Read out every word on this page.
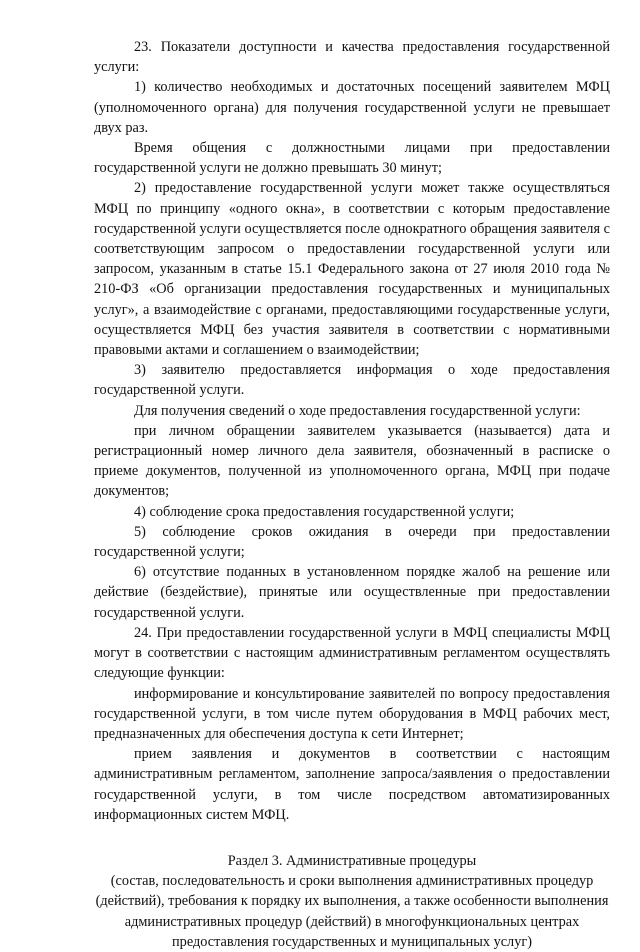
23. Показатели доступности и качества предоставления государственной услуги:

1) количество необходимых и достаточных посещений заявителем МФЦ (уполномоченного органа) для получения государственной услуги не превышает двух раз.

Время общения с должностными лицами при предоставлении государственной услуги не должно превышать 30 минут;

2) предоставление государственной услуги может также осуществляться МФЦ по принципу «одного окна», в соответствии с которым предоставление государственной услуги осуществляется после однократного обращения заявителя с соответствующим запросом о предоставлении государственной услуги или запросом, указанным в статье 15.1 Федерального закона от 27 июля 2010 года № 210-ФЗ «Об организации предоставления государственных и муниципальных услуг», а взаимодействие с органами, предоставляющими государственные услуги, осуществляется МФЦ без участия заявителя в соответствии с нормативными правовыми актами и соглашением о взаимодействии;

3) заявителю предоставляется информация о ходе предоставления государственной услуги.

Для получения сведений о ходе предоставления государственной услуги:

при личном обращении заявителем указывается (называется) дата и регистрационный номер личного дела заявителя, обозначенный в расписке о приеме документов, полученной из уполномоченного органа, МФЦ при подаче документов;

4) соблюдение срока предоставления государственной услуги;

5) соблюдение сроков ожидания в очереди при предоставлении государственной услуги;

6) отсутствие поданных в установленном порядке жалоб на решение или действие (бездействие), принятые или осуществленные при предоставлении государственной услуги.

24. При предоставлении государственной услуги в МФЦ специалисты МФЦ могут в соответствии с настоящим административным регламентом осуществлять следующие функции:

информирование и консультирование заявителей по вопросу предоставления государственной услуги, в том числе путем оборудования в МФЦ рабочих мест, предназначенных для обеспечения доступа к сети Интернет;

прием заявления и документов в соответствии с настоящим административным регламентом, заполнение запроса/заявления о предоставлении государственной услуги, в том числе посредством автоматизированных информационных систем МФЦ.

Раздел 3. Административные процедуры

(состав, последовательность и сроки выполнения административных процедур (действий), требования к порядку их выполнения, а также особенности выполнения административных процедур (действий) в многофункциональных центрах предоставления государственных и муниципальных услуг)
